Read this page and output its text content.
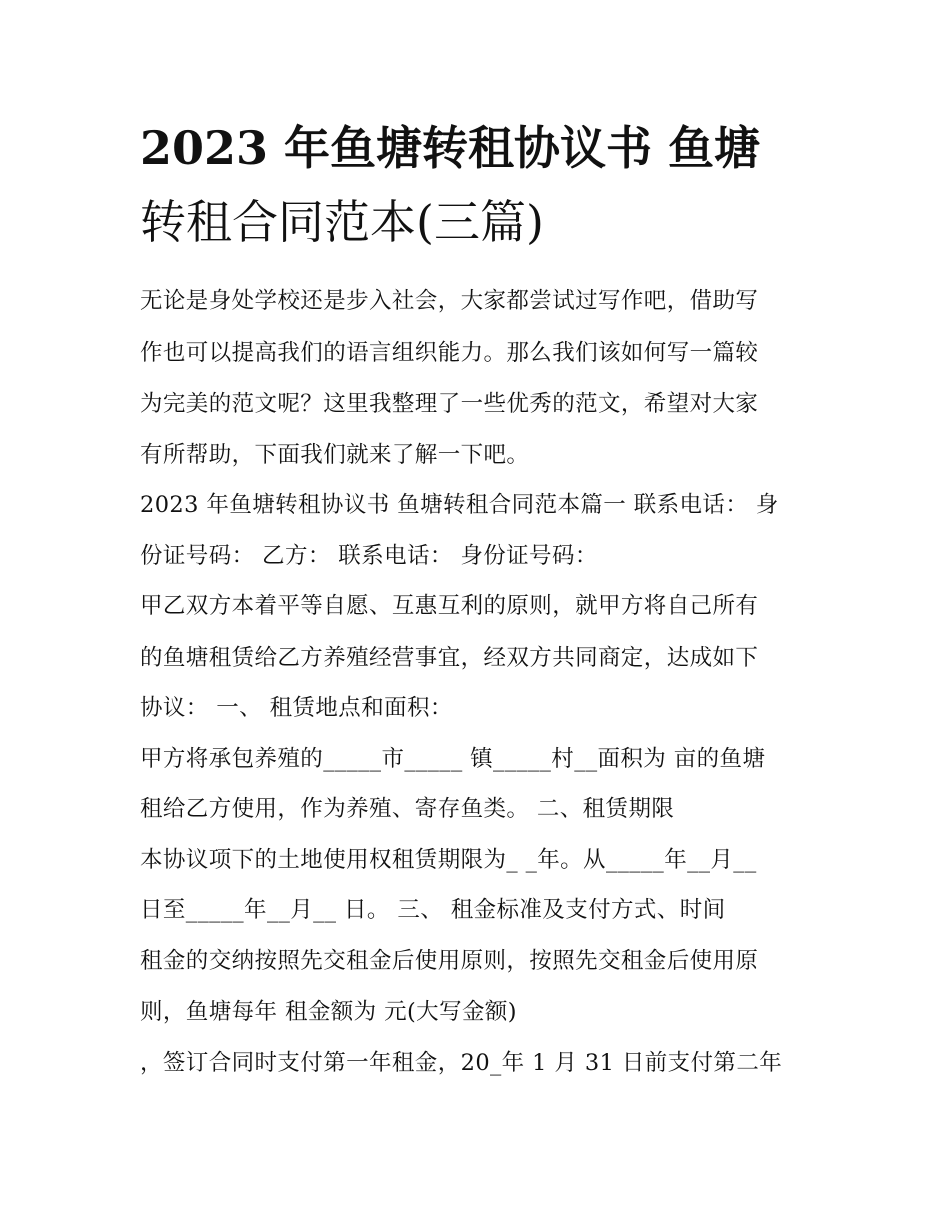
2023 年鱼塘转租协议书 鱼塘
转租合同范本(三篇)

无论是身处学校还是步入社会，大家都尝试过写作吧，借助写

作也可以提高我们的语言组织能力。那么我们该如何写一篇较

为完美的范文呢？这里我整理了一些优秀的范文，希望对大家

有所帮助，下面我们就来了解一下吧。

2023 年鱼塘转租协议书 鱼塘转租合同范本篇一 联系电话： 身

份证号码： 乙方： 联系电话： 身份证号码：

甲乙双方本着平等自愿、互惠互利的原则，就甲方将自己所有

的鱼塘租赁给乙方养殖经营事宜，经双方共同商定，达成如下

协议： 一、 租赁地点和面积：

甲方将承包养殖的_____市_____ 镇_____村__面积为 亩的鱼塘

租给乙方使用，作为养殖、寄存鱼类。 二、租赁期限

本协议项下的土地使用权租赁期限为_ _年。从_____年__月__

日至_____年__月__ 日。 三、 租金标准及支付方式、时间

租金的交纳按照先交租金后使用原则，按照先交租金后使用原

则，鱼塘每年 租金额为 元(大写金额)

，签订合同时支付第一年租金，20_年 1 月 31 日前支付第二年
